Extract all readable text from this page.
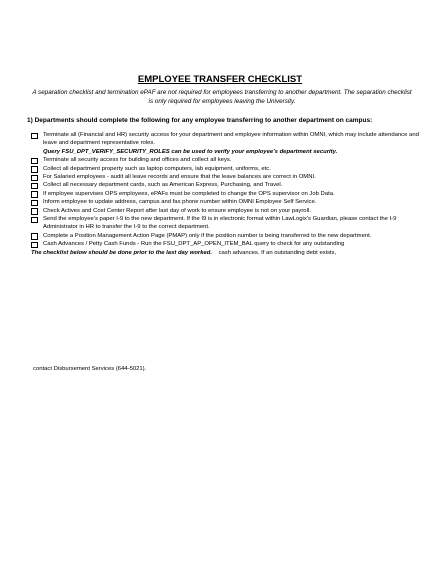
EMPLOYEE TRANSFER CHECKLIST
A separation checklist and termination ePAF are not required for employees transferring to another department. The separation checklist is only required for employees leaving the University.
1) Departments should complete the following for any employee transferring to another department on campus:
Terminate all (Financial and HR) security access for your department and employee information within OMNI, which may include attendance and leave and department representative roles.
Query FSU_DPT_VERIFY_SECURITY_ROLES can be used to verify your employee’s department security.
Terminate all security access for building and offices and collect all keys.
Collect all department property such as laptop computers, lab equipment, uniforms, etc.
For Salaried employees - audit all leave records and ensure that the leave balances are correct in OMNI.
Collect all necessary department cards, such as American Express, Purchasing, and Travel.
If employee supervises OPS employees, ePAFs must be completed to change the OPS supervisor on Job Data.
Inform employee to update address, campus and fax phone number within OMNI Employee Self Service.
Check Actives and Cost Center Report after last day of work to ensure employee is not on your payroll.
Send the employee’s paper I-9 to the new department. If the I9 is in electronic format within LawLogix’s Guardian, please contact the I-9 Administrator in HR to transfer the I-9 to the correct department.
Complete a Position Management Action Page (PMAP) only if the position number is being transferred to the new department.
Cash Advances / Petty Cash Funds - Run the FSU_DPT_AP_OPEN_ITEM_BAL query to check for any outstanding
The checklist below should be done prior to the last day worked. cash advances. If an outstanding debt exists,
contact Disbursement Services (644-5021).
